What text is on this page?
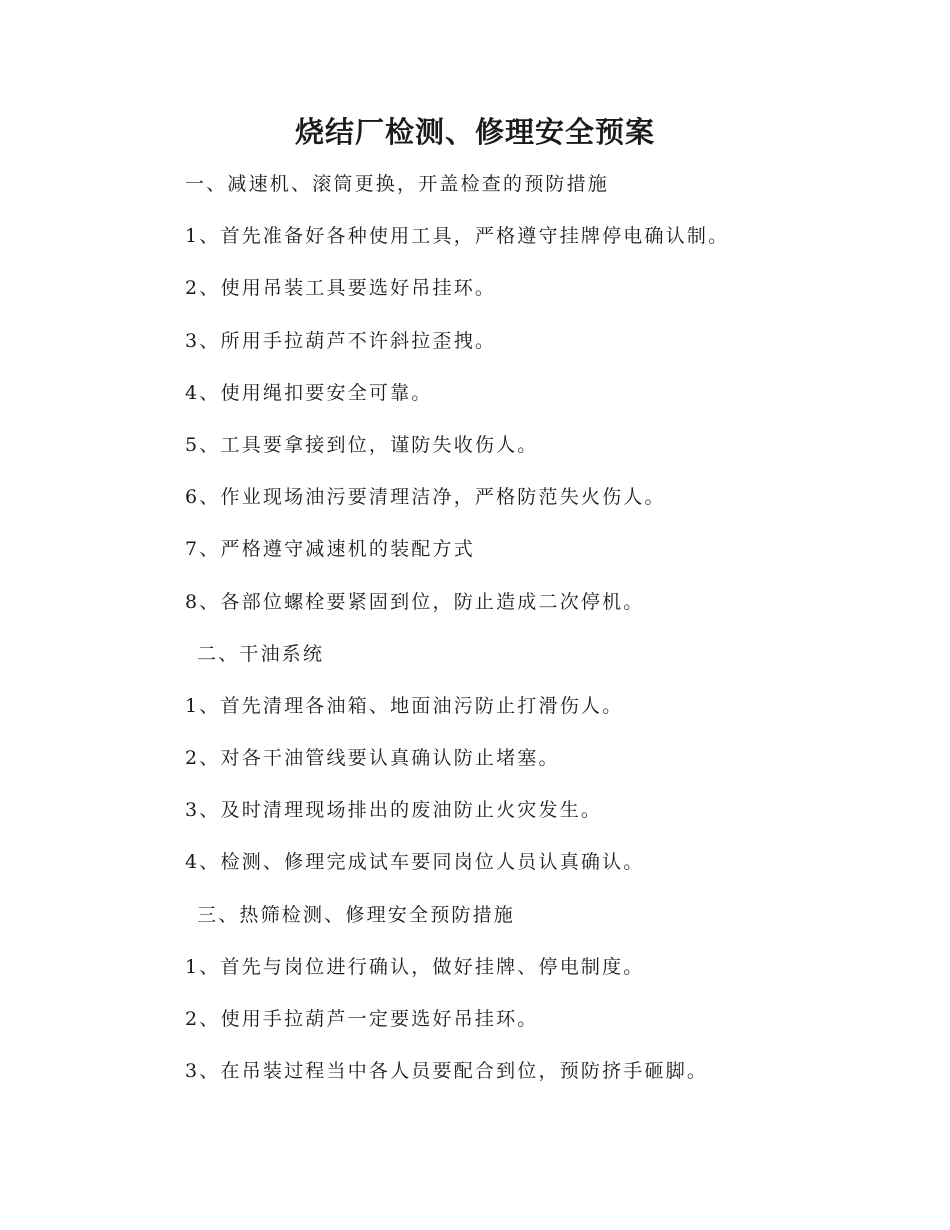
烧结厂检测、修理安全预案
一、减速机、滚筒更换，开盖检查的预防措施
1、首先准备好各种使用工具，严格遵守挂牌停电确认制。
2、使用吊装工具要选好吊挂环。
3、所用手拉葫芦不许斜拉歪拽。
4、使用绳扣要安全可靠。
5、工具要拿接到位，谨防失收伤人。
6、作业现场油污要清理洁净，严格防范失火伤人。
7、严格遵守减速机的装配方式
8、各部位螺栓要紧固到位，防止造成二次停机。
二、干油系统
1、首先清理各油箱、地面油污防止打滑伤人。
2、对各干油管线要认真确认防止堵塞。
3、及时清理现场排出的废油防止火灾发生。
4、检测、修理完成试车要同岗位人员认真确认。
三、热筛检测、修理安全预防措施
1、首先与岗位进行确认，做好挂牌、停电制度。
2、使用手拉葫芦一定要选好吊挂环。
3、在吊装过程当中各人员要配合到位，预防挤手砸脚。
